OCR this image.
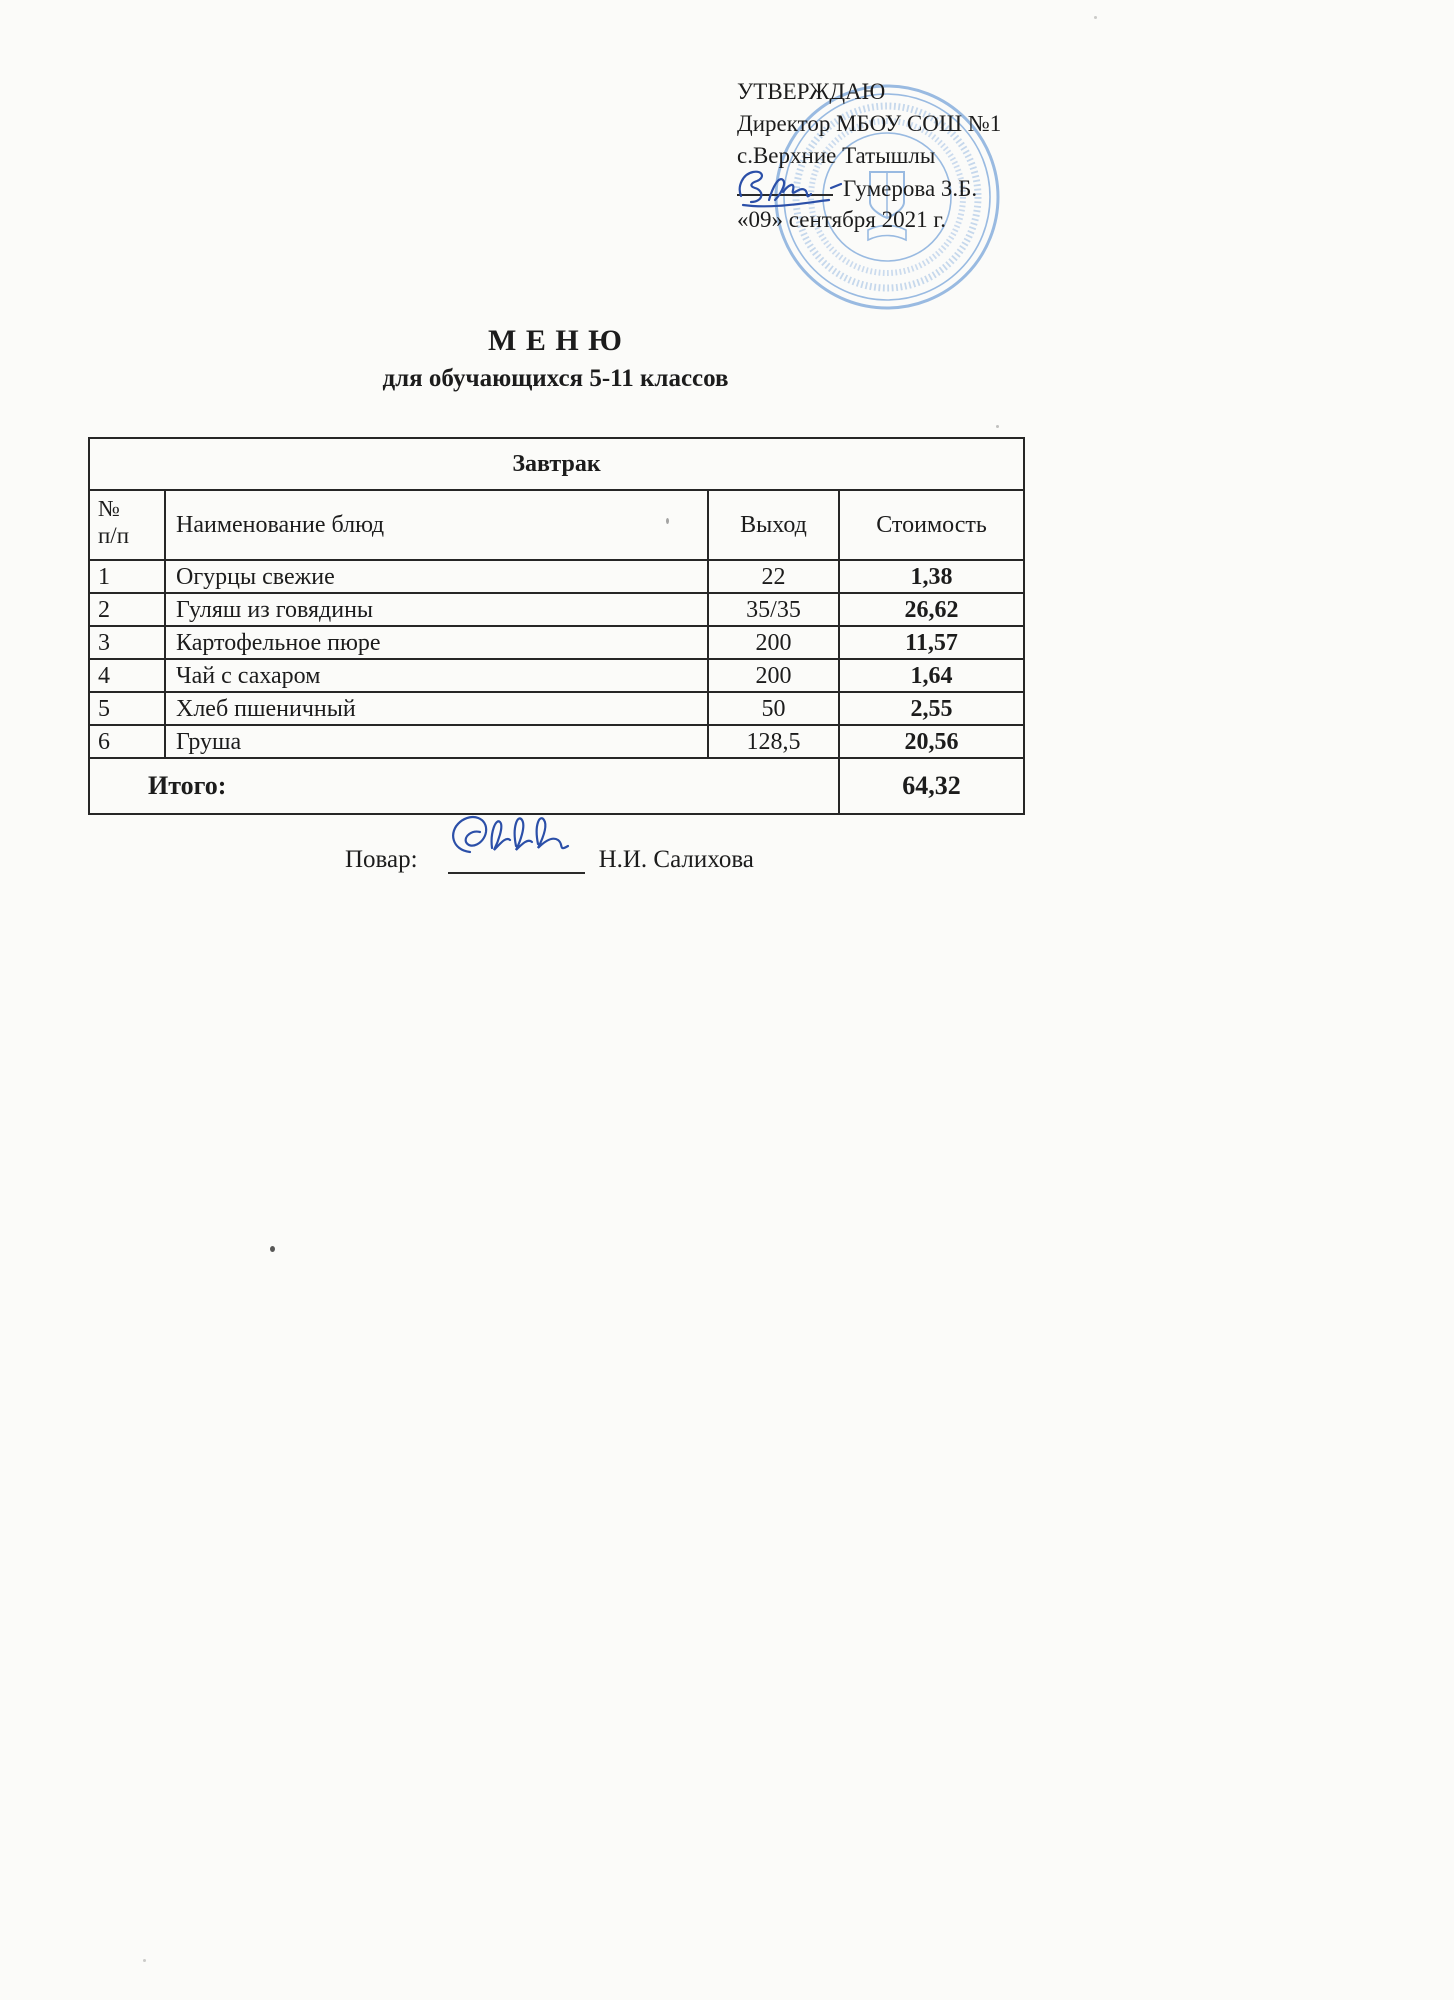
УТВЕРЖДАЮ
Директор МБОУ СОШ №1
с.Верхние Татышлы
Гумерова З.Б.
«09» сентября 2021 г.
М Е Н Ю
для обучающихся 5-11 классов
Завтрак			

№
п/п	Наименование блюд	Выход	Стоимость
1	Огурцы свежие	22	1,38
2	Гуляш из говядины	35/35	26,62
3	Картофельное пюре	200	11,57
4	Чай с сахаром	200	1,64
5	Хлеб пшеничный	50	2,55
6	Груша	128,5	20,56
Итого:			64,32
Повар:	Н.И. Салихова
